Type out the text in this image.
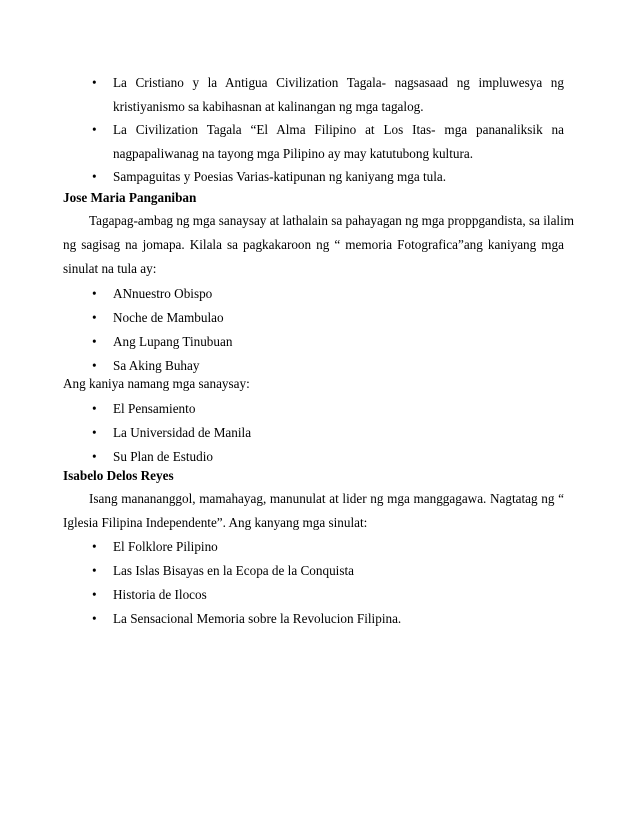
• La Cristiano y la Antigua Civilization Tagala- nagsasaad ng impluwesya ng
kristiyanismo sa kabihasnan at kalinangan ng mga tagalog.
• La Civilization Tagala “El Alma Filipino at Los Itas- mga pananaliksik na
nagpapaliwanag na tayong mga Pilipino ay may katutubong kultura.
• Sampaguitas y Poesias Varias-katipunan ng kaniyang mga tula.
Jose Maria Panganiban
Tagapag-ambag ng mga sanaysay at lathalain sa pahayagan ng mga proppgandista, sa ilalim
ng sagisag na jomapa. Kilala sa pagkakaroon ng “ memoria Fotografica”ang kaniyang mga
sinulat na tula ay:
• ANnuestro Obispo
• Noche de Mambulao
• Ang Lupang Tinubuan
• Sa Aking Buhay
Ang kaniya namang mga sanaysay:
• El Pensamiento
• La Universidad de Manila
• Su Plan de Estudio
Isabelo Delos Reyes
Isang manananggol, mamahayag, manunulat at lider ng mga manggagawa. Nagtatag ng “
Iglesia Filipina Independente”. Ang kanyang mga sinulat:
• El Folklore Pilipino
• Las Islas Bisayas en la Ecopa de la Conquista
• Historia de Ilocos
• La Sensacional Memoria sobre la Revolucion Filipina.
